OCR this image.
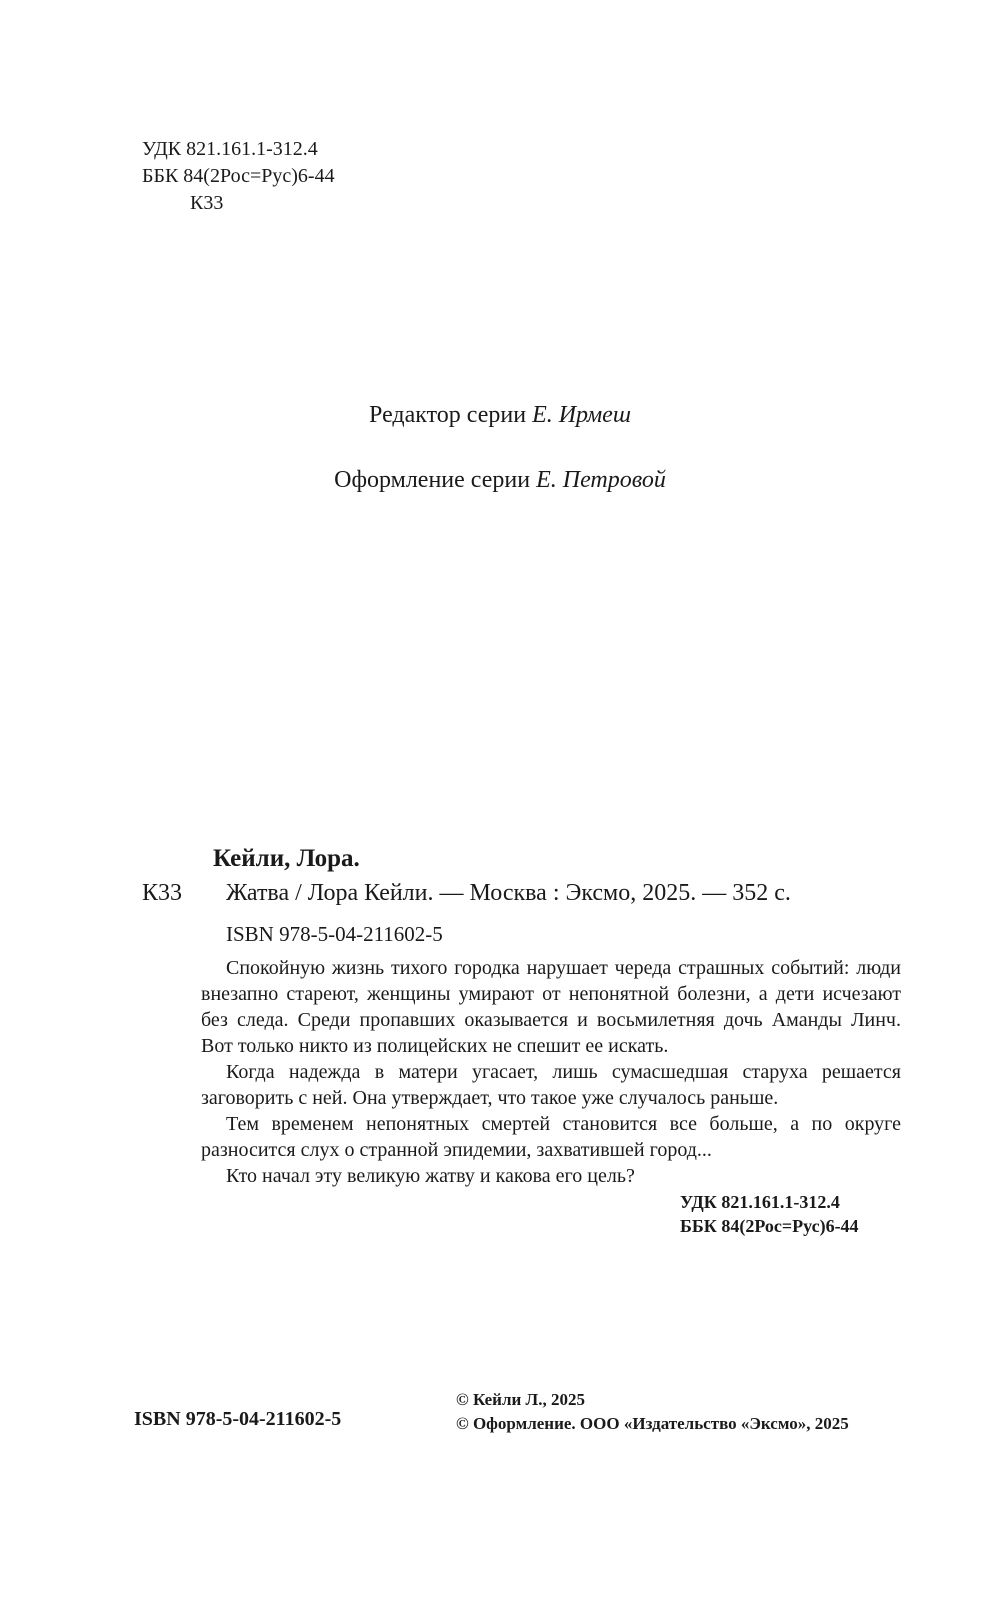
УДК 821.161.1-312.4
ББК 84(2Рос=Рус)6-44
К33
Редактор серии Е. Ирмеш
Оформление серии Е. Петровой
Кейли, Лора.
К33 Жатва / Лора Кейли. — Москва : Эксмо, 2025. — 352 с.
ISBN 978-5-04-211602-5

Спокойную жизнь тихого городка нарушает череда страшных событий: люди внезапно стареют, женщины умирают от непонятной болезни, а дети исчезают без следа. Среди пропавших оказывается и восьмилетняя дочь Аманды Линч. Вот только никто из полицейских не спешит ее искать.

Когда надежда в матери угасает, лишь сумасшедшая старуха решается заговорить с ней. Она утверждает, что такое уже случалось раньше.

Тем временем непонятных смертей становится все больше, а по округе разносится слух о странной эпидемии, захватившей город...

Кто начал эту великую жатву и какова его цель?

УДК 821.161.1-312.4
ББК 84(2Рос=Рус)6-44
ISBN 978-5-04-211602-5
© Кейли Л., 2025
© Оформление. ООО «Издательство «Эксмо», 2025
